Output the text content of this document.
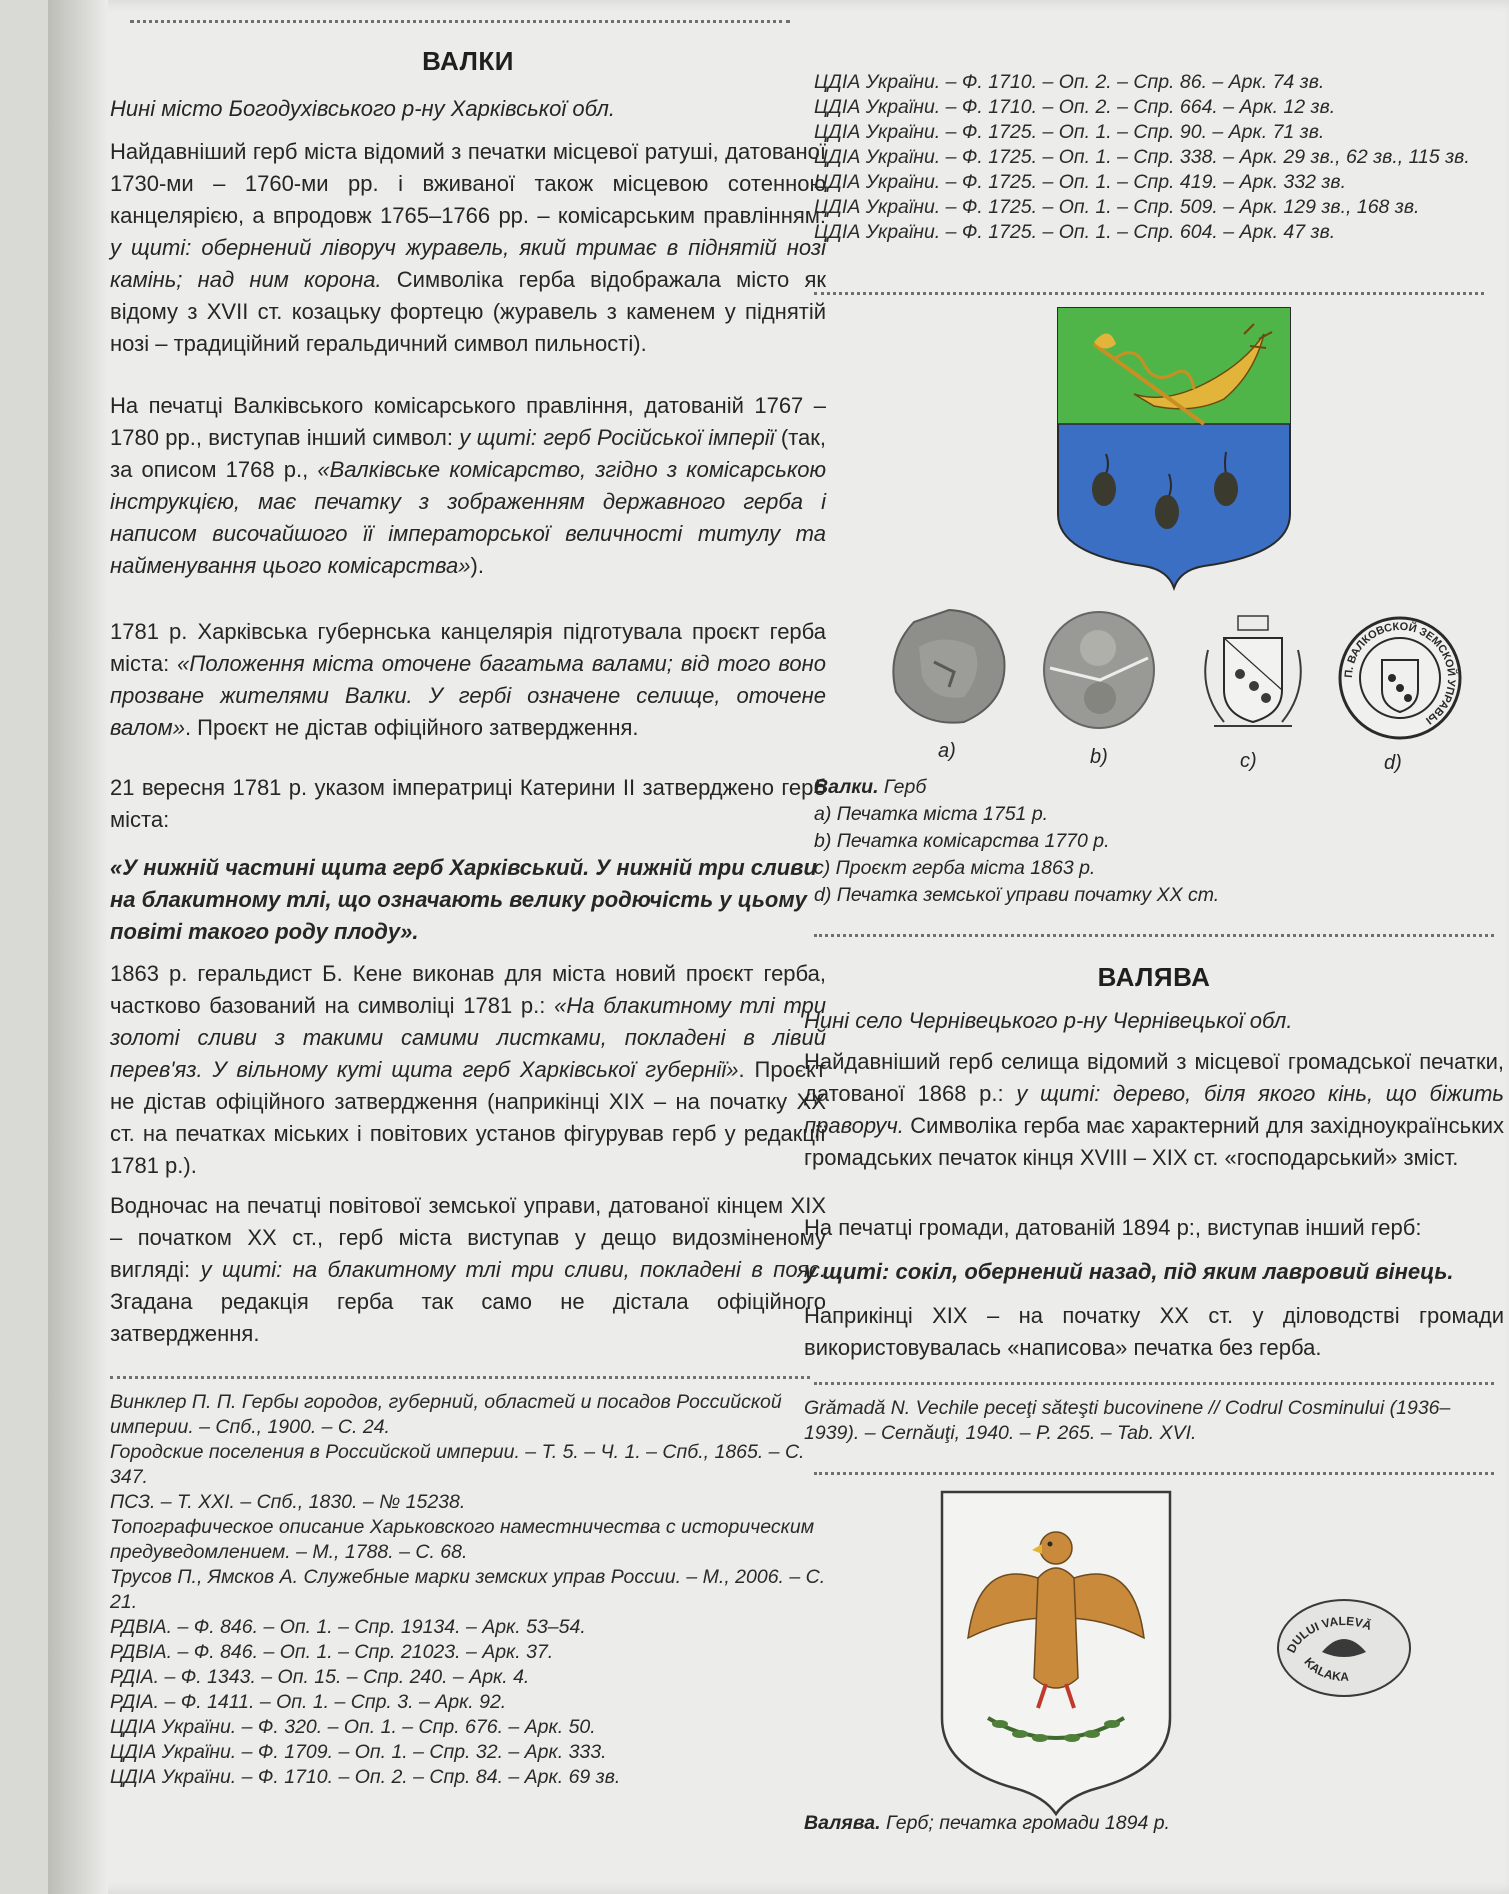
ВАЛКИ

Нині місто Богодухівського р-ну Харківської обл.

Найдавніший герб міста відомий з печатки місцевої ратуші, датованої 1730-ми – 1760-ми рр. і вживаної також місцевою сотенною канцелярією, а впродовж 1765–1766 рр. – комісарським правлінням: у щиті: обернений ліворуч журавель, який тримає в піднятій нозі камінь; над ним корона. Символіка герба відображала місто як відому з XVII ст. козацьку фортецю (журавель з каменем у піднятій нозі – традиційний геральдичний символ пильності).

На печатці Валківського комісарського правління, датованій 1767 – 1780 рр., виступав інший символ: у щиті: герб Російської імперії (так, за описом 1768 р., «Валківське комісарство, згідно з комісарською інструкцією, має печатку з зображенням державного герба і написом височайшого її імператорської величності титулу та найменування цього комісарства»).

1781 р. Харківська губернська канцелярія підготувала проєкт герба міста: «Положення міста оточене багатьма валами; від того воно прозване жителями Валки. У гербі означене селище, оточене валом». Проєкт не дістав офіційного затвердження.

21 вересня 1781 р. указом імператриці Катерини II затверджено герб міста:

«У нижній частині щита герб Харківський. У нижній три сливи на блакитному тлі, що означають велику родючість у цьому повіті такого роду плоду».

1863 р. геральдист Б. Кене виконав для міста новий проєкт герба, частково базований на символіці 1781 р.: «На блакитному тлі три золоті сливи з такими самими листками, покладені в лівий перев'яз. У вільному куті щита герб Харківської губернії». Проєкт не дістав офіційного затвердження (наприкінці XIX – на початку XX ст. на печатках міських і повітових установ фігурував герб у редакції 1781 р.).

Водночас на печатці повітової земської управи, датованої кінцем XIX – початком XX ст., герб міста виступав у дещо видозміненому вигляді: у щиті: на блакитному тлі три сливи, покладені в пояс. Згадана редакція герба так само не дістала офіційного затвердження.

Винклер П. П. Гербы городов, губерний, областей и посадов Российской империи. – Спб., 1900. – С. 24.

Городские поселения в Российской империи. – Т. 5. – Ч. 1. – Спб., 1865. – С. 347.

ПСЗ. – Т. XXI. – Спб., 1830. – № 15238.

Топографическое описание Харьковского наместничества с историческим предуведомлением. – М., 1788. – С. 68.

Трусов П., Ямсков А. Служебные марки земских управ России. – М., 2006. – С. 21.

РДВІА. – Ф. 846. – Оп. 1. – Спр. 19134. – Арк. 53–54.

РДВІА. – Ф. 846. – Оп. 1. – Спр. 21023. – Арк. 37.

РДІА. – Ф. 1343. – Оп. 15. – Спр. 240. – Арк. 4.

РДІА. – Ф. 1411. – Оп. 1. – Спр. 3. – Арк. 92.

ЦДІА України. – Ф. 320. – Оп. 1. – Спр. 676. – Арк. 50.

ЦДІА України. – Ф. 1709. – Оп. 1. – Спр. 32. – Арк. 333.

ЦДІА України. – Ф. 1710. – Оп. 2. – Спр. 84. – Арк. 69 зв.

ЦДІА України. – Ф. 1710. – Оп. 2. – Спр. 86. – Арк. 74 зв.

ЦДІА України. – Ф. 1710. – Оп. 2. – Спр. 664. – Арк. 12 зв.

ЦДІА України. – Ф. 1725. – Оп. 1. – Спр. 90. – Арк. 71 зв.

ЦДІА України. – Ф. 1725. – Оп. 1. – Спр. 338. – Арк. 29 зв., 62 зв., 115 зв.

ЦДІА України. – Ф. 1725. – Оп. 1. – Спр. 419. – Арк. 332 зв.

ЦДІА України. – Ф. 1725. – Оп. 1. – Спр. 509. – Арк. 129 зв., 168 зв.

ЦДІА України. – Ф. 1725. – Оп. 1. – Спр. 604. – Арк. 47 зв.

П. ВАЛКОВСКОЙ ЗЕМСКОЙ УПРАВЫ
a)	b)	c)	d)

Валки. Герб

a) Печатка міста 1751 р.

b) Печатка комісарства 1770 р.

c) Проєкт герба міста 1863 р.

d) Печатка земської управи початку XX ст.

ВАЛЯВА

Нині село Чернівецького р-ну Чернівецької обл.

Найдавніший герб селища відомий з місцевої громадської печатки, датованої 1868 р.: у щиті: дерево, біля якого кінь, що біжить праворуч. Символіка герба має характерний для західноукраїнських громадських печаток кінця XVIII – XIX ст. «господарський» зміст.

На печатці громади, датованій 1894 р:, виступав інший герб:

у щиті: сокіл, обернений назад, під яким лавровий вінець.

Наприкінці XIX – на початку XX ст. у діловодстві громади використовувалась «написова» печатка без герба.

Grămadă N. Vechile peceţi săteşti bucovinene // Codrul Cosminului (1936–1939). – Cernăuţi, 1940. – P. 265. – Tab. XVI.

DULUI VALEVĂ
KALAKA

Валява. Герб; печатка громади 1894 р.
